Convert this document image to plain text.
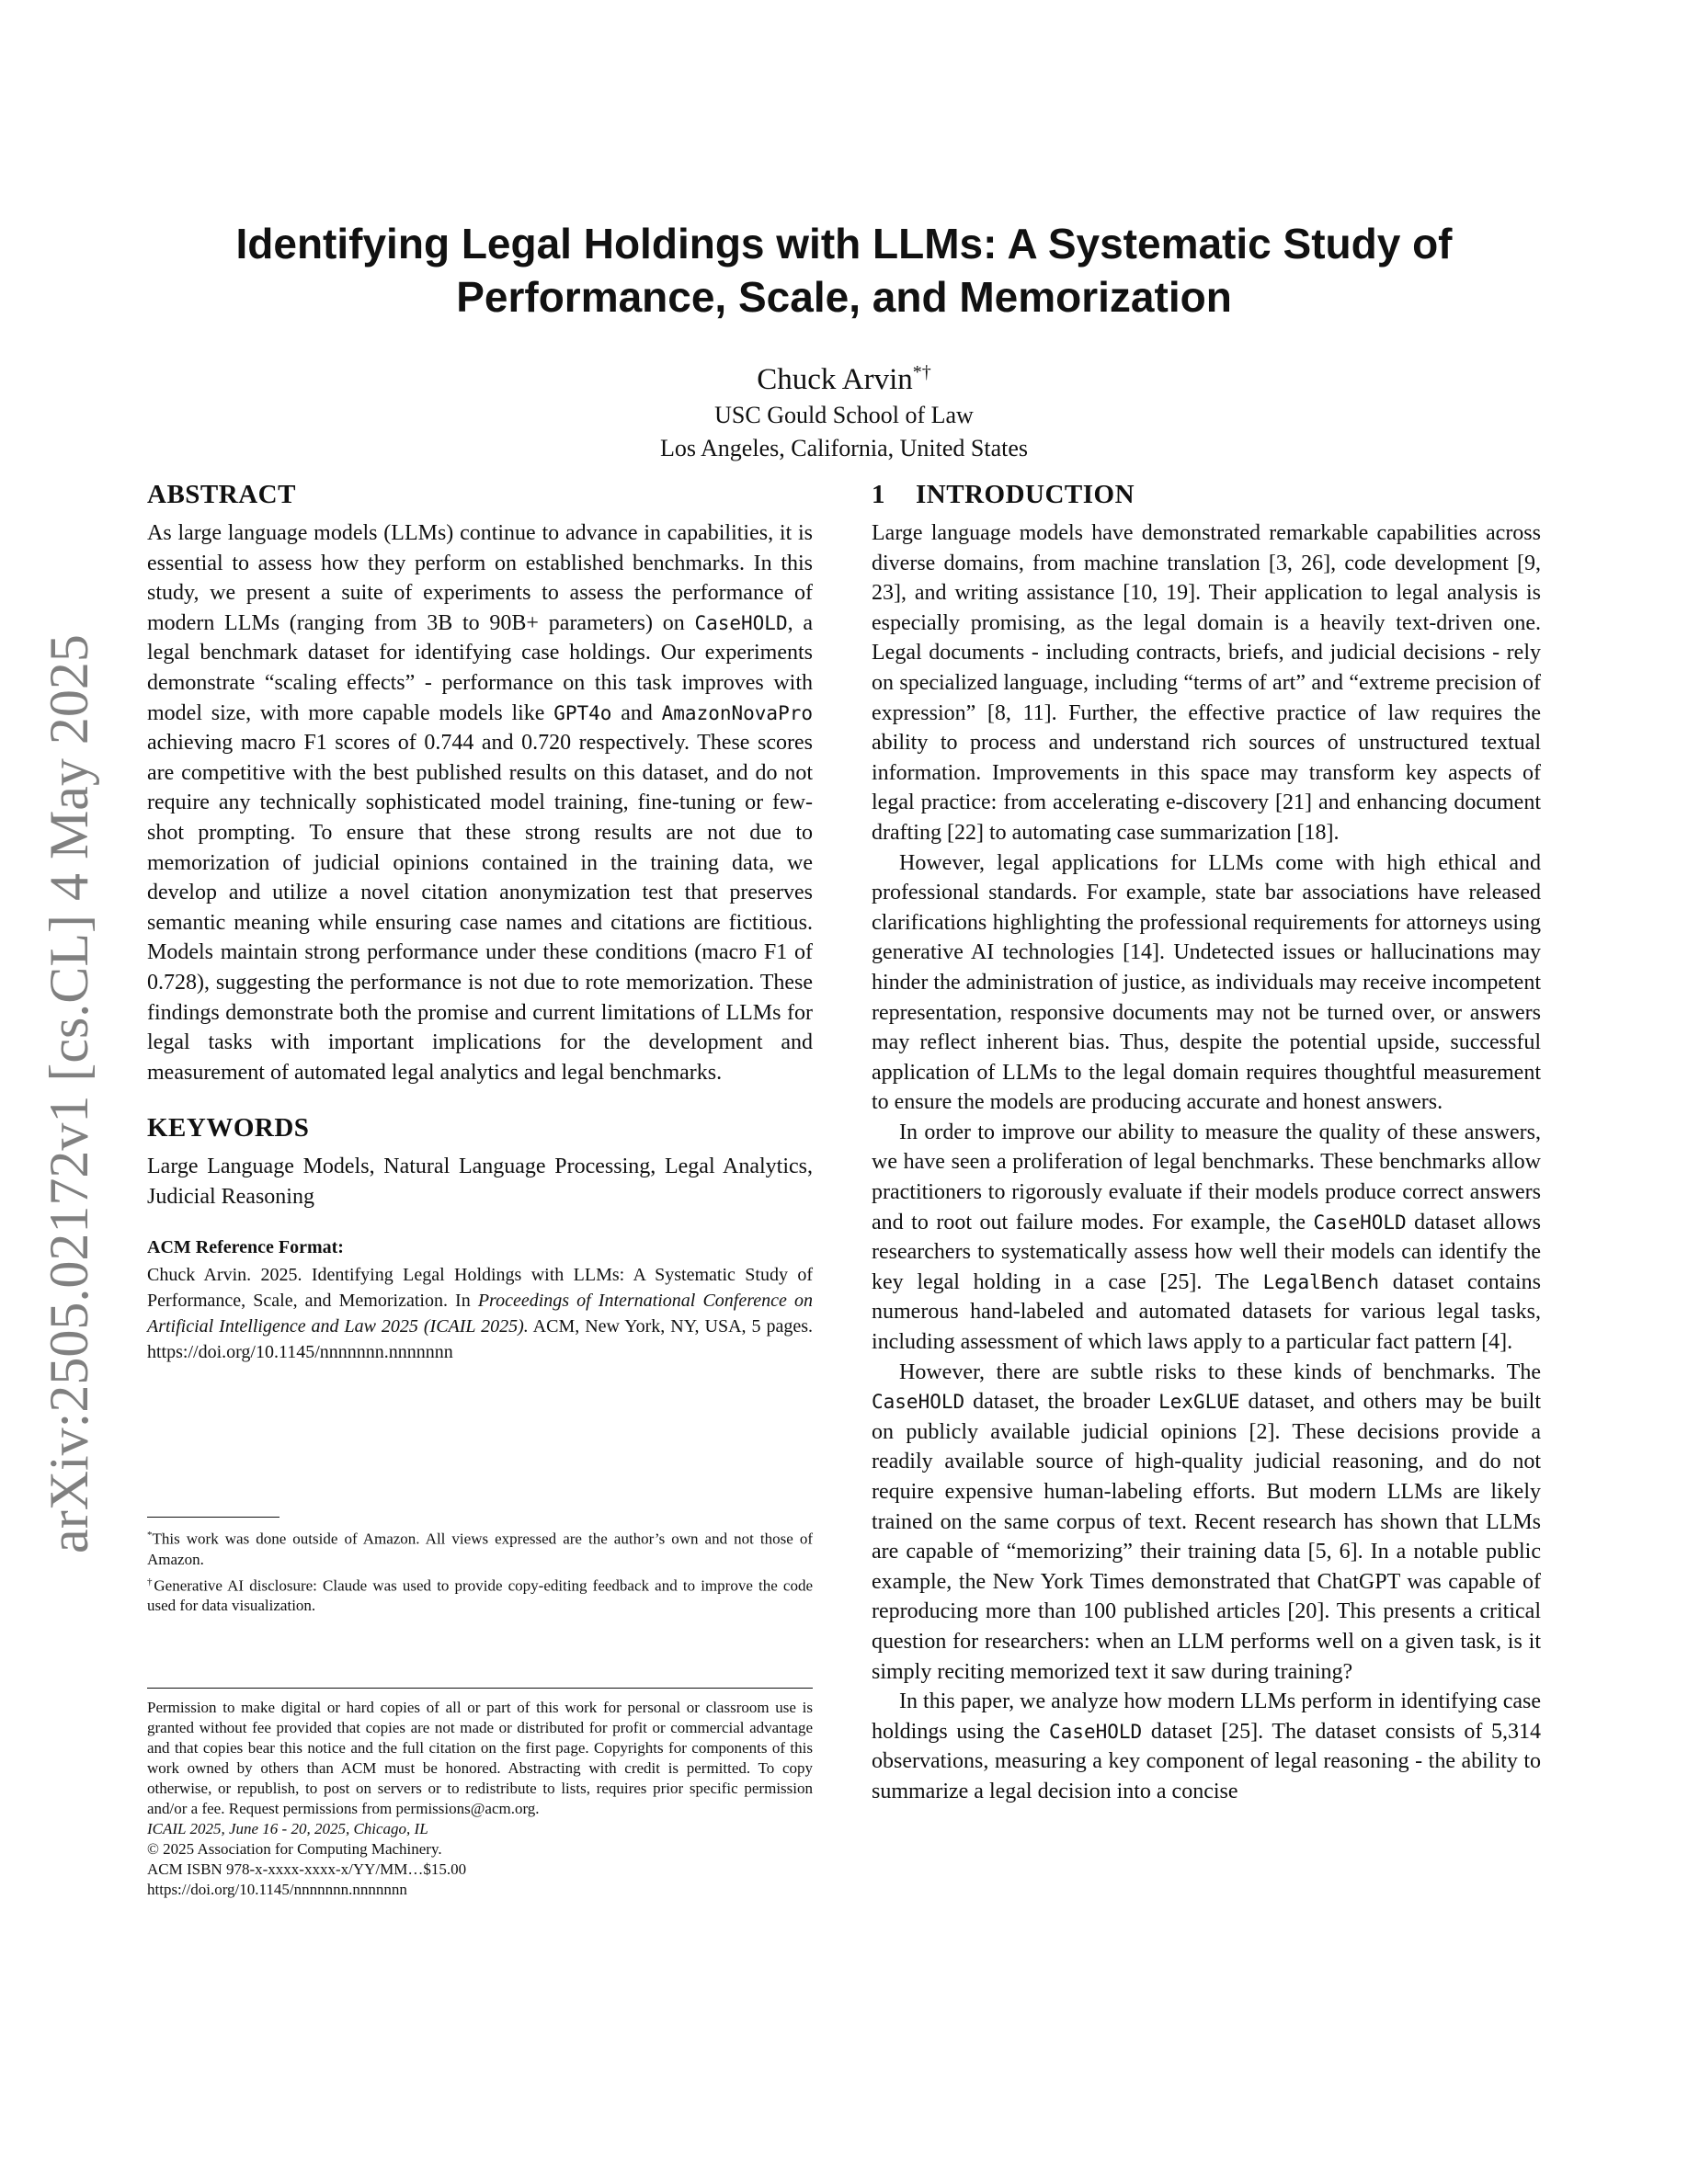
arXiv:2505.02172v1 [cs.CL] 4 May 2025
Identifying Legal Holdings with LLMs: A Systematic Study of
Performance, Scale, and Memorization
Chuck Arvin*†
USC Gould School of Law
Los Angeles, California, United States
ABSTRACT

As large language models (LLMs) continue to advance in capabilities, it is essential to assess how they perform on established benchmarks. In this study, we present a suite of experiments to assess the performance of modern LLMs (ranging from 3B to 90B+ parameters) on CaseHOLD, a legal benchmark dataset for identifying case holdings. Our experiments demonstrate “scaling effects” - performance on this task improves with model size, with more capable models like GPT4o and AmazonNovaPro achieving macro F1 scores of 0.744 and 0.720 respectively. These scores are competitive with the best published results on this dataset, and do not require any technically sophisticated model training, fine-tuning or few-shot prompting. To ensure that these strong results are not due to memorization of judicial opinions contained in the training data, we develop and utilize a novel citation anonymization test that preserves semantic meaning while ensuring case names and citations are fictitious. Models maintain strong performance under these conditions (macro F1 of 0.728), suggesting the performance is not due to rote memorization. These findings demonstrate both the promise and current limitations of LLMs for legal tasks with important implications for the development and measurement of automated legal analytics and legal benchmarks.

KEYWORDS

Large Language Models, Natural Language Processing, Legal Analytics, Judicial Reasoning

ACM Reference Format:

Chuck Arvin. 2025. Identifying Legal Holdings with LLMs: A Systematic Study of Performance, Scale, and Memorization. In Proceedings of International Conference on Artificial Intelligence and Law 2025 (ICAIL 2025). ACM, New York, NY, USA, 5 pages. https://doi.org/10.1145/nnnnnnn.nnnnnnn

*This work was done outside of Amazon. All views expressed are the author’s own and not those of Amazon.

†Generative AI disclosure: Claude was used to provide copy-editing feedback and to improve the code used for data visualization.

Permission to make digital or hard copies of all or part of this work for personal or classroom use is granted without fee provided that copies are not made or distributed for profit or commercial advantage and that copies bear this notice and the full citation on the first page. Copyrights for components of this work owned by others than ACM must be honored. Abstracting with credit is permitted. To copy otherwise, or republish, to post on servers or to redistribute to lists, requires prior specific permission and/or a fee. Request permissions from permissions@acm.org.

ICAIL 2025, June 16 - 20, 2025, Chicago, IL

© 2025 Association for Computing Machinery.

ACM ISBN 978-x-xxxx-xxxx-x/YY/MM…$15.00

https://doi.org/10.1145/nnnnnnn.nnnnnnn

1 INTRODUCTION

Large language models have demonstrated remarkable capabilities across diverse domains, from machine translation [3, 26], code development [9, 23], and writing assistance [10, 19]. Their application to legal analysis is especially promising, as the legal domain is a heavily text-driven one. Legal documents - including contracts, briefs, and judicial decisions - rely on specialized language, including “terms of art” and “extreme precision of expression” [8, 11]. Further, the effective practice of law requires the ability to process and understand rich sources of unstructured textual information. Improvements in this space may transform key aspects of legal practice: from accelerating e-discovery [21] and enhancing document drafting [22] to automating case summarization [18].

However, legal applications for LLMs come with high ethical and professional standards. For example, state bar associations have released clarifications highlighting the professional requirements for attorneys using generative AI technologies [14]. Undetected issues or hallucinations may hinder the administration of justice, as individuals may receive incompetent representation, responsive documents may not be turned over, or answers may reflect inherent bias. Thus, despite the potential upside, successful application of LLMs to the legal domain requires thoughtful measurement to ensure the models are producing accurate and honest answers.

In order to improve our ability to measure the quality of these answers, we have seen a proliferation of legal benchmarks. These benchmarks allow practitioners to rigorously evaluate if their models produce correct answers and to root out failure modes. For example, the CaseHOLD dataset allows researchers to systematically assess how well their models can identify the key legal holding in a case [25]. The LegalBench dataset contains numerous hand-labeled and automated datasets for various legal tasks, including assessment of which laws apply to a particular fact pattern [4].

However, there are subtle risks to these kinds of benchmarks. The CaseHOLD dataset, the broader LexGLUE dataset, and others may be built on publicly available judicial opinions [2]. These decisions provide a readily available source of high-quality judicial reasoning, and do not require expensive human-labeling efforts. But modern LLMs are likely trained on the same corpus of text. Recent research has shown that LLMs are capable of “memorizing” their training data [5, 6]. In a notable public example, the New York Times demonstrated that ChatGPT was capable of reproducing more than 100 published articles [20]. This presents a critical question for researchers: when an LLM performs well on a given task, is it simply reciting memorized text it saw during training?

In this paper, we analyze how modern LLMs perform in identifying case holdings using the CaseHOLD dataset [25]. The dataset consists of 5,314 observations, measuring a key component of legal reasoning - the ability to summarize a legal decision into a concise
